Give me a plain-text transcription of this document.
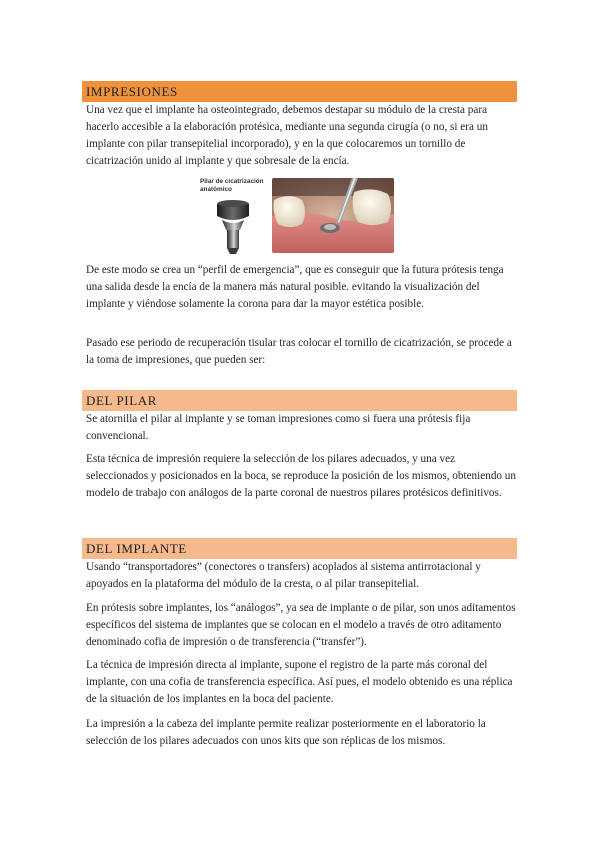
IMPRESIONES

Una vez que el implante ha osteointegrado, debemos destapar su módulo de la cresta para hacerlo accesible a la elaboración protésica, mediante una segunda cirugía (o no, si era un implante con pilar transepitelial incorporado), y en la que colocaremos un tornillo de cicatrización unido al implante y que sobresale de la encía.

Pilar de cicatrización anatómico

De este modo se crea un “perfil de emergencia”, que es conseguir que la futura prótesis tenga una salida desde la encía de la manera más natural posible. evitando la visualización del implante y viéndose solamente la corona para dar la mayor estética posible.

Pasado ese periodo de recuperación tisular tras colocar el tornillo de cicatrización, se procede a la toma de impresiones, que pueden ser:

DEL PILAR

Se atornilla el pilar al implante y se toman impresiones como si fuera una prótesis fija convencional.

Esta técnica de impresión requiere la selección de los pilares adecuados, y una vez seleccionados y posicionados en la boca, se reproduce la posición de los mismos, obteniendo un modelo de trabajo con análogos de la parte coronal de nuestros pilares protésicos definitivos.

DEL IMPLANTE

Usando “transportadores” (conectores o transfers) acoplados al sistema antirrotacional y apoyados en la plataforma del módulo de la cresta, o al pilar transepitelial.

En prótesis sobre implantes, los “análogos”, ya sea de implante o de pilar, son unos aditamentos específicos del sistema de implantes que se colocan en el modelo a través de otro aditamento denominado cofia de impresión o de transferencia (“transfer”).

La técnica de impresión directa al implante, supone el registro de la parte más coronal del implante, con una cofia de transferencia específica. Así pues, el modelo obtenido es una réplica de la situación de los implantes en la boca del paciente.

La impresión a la cabeza del implante permite realizar posteriormente en el laboratorio la selección de los pilares adecuados con unos kits que son réplicas de los mismos.
